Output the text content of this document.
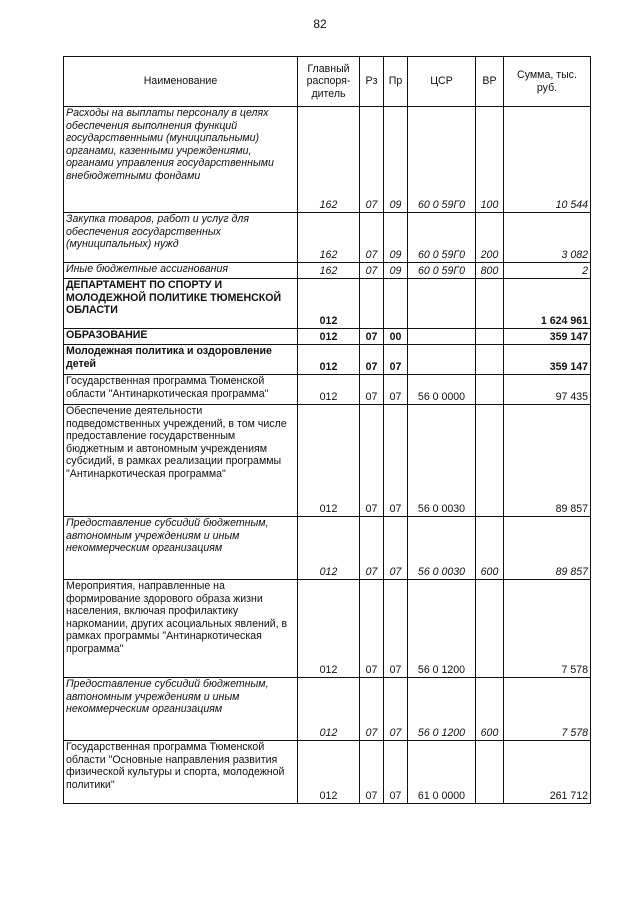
82
Наименование	Главный распоря-дитель	Рз	Пр	ЦСР	ВР	Сумма, тыс. руб.
Расходы на выплаты персоналу в целях обеспечения выполнения функций государственными (муниципальными) органами, казенными учреждениями, органами управления государственными внебюджетными фондами	162	07	09	60 0 59Г0	100	10 544
Закупка товаров, работ и услуг для обеспечения государственных (муниципальных) нужд	162	07	09	60 0 59Г0	200	3 082
Иные бюджетные ассигнования	162	07	09	60 0 59Г0	800	2
ДЕПАРТАМЕНТ ПО СПОРТУ И МОЛОДЕЖНОЙ ПОЛИТИКЕ ТЮМЕНСКОЙ ОБЛАСТИ	012					1 624 961
ОБРАЗОВАНИЕ	012	07	00			359 147
Молодежная политика и оздоровление детей	012	07	07			359 147
Государственная программа Тюменской области "Антинаркотическая программа"	012	07	07	56 0 0000		97 435
Обеспечение деятельности подведомственных учреждений, в том числе предоставление государственным бюджетным и автономным учреждениям субсидий, в рамках реализации программы "Антинаркотическая программа"	012	07	07	56 0 0030		89 857
Предоставление субсидий бюджетным, автономным учреждениям и иным некоммерческим организациям	012	07	07	56 0 0030	600	89 857
Мероприятия, направленные на формирование здорового образа жизни населения, включая профилактику наркомании, других асоциальных явлений, в рамках программы "Антинаркотическая программа"	012	07	07	56 0 1200		7 578
Предоставление субсидий бюджетным, автономным учреждениям и иным некоммерческим организациям	012	07	07	56 0 1200	600	7 578
Государственная программа Тюменской области "Основные направления развития физической культуры и спорта, молодежной политики"	012	07	07	61 0 0000		261 712
